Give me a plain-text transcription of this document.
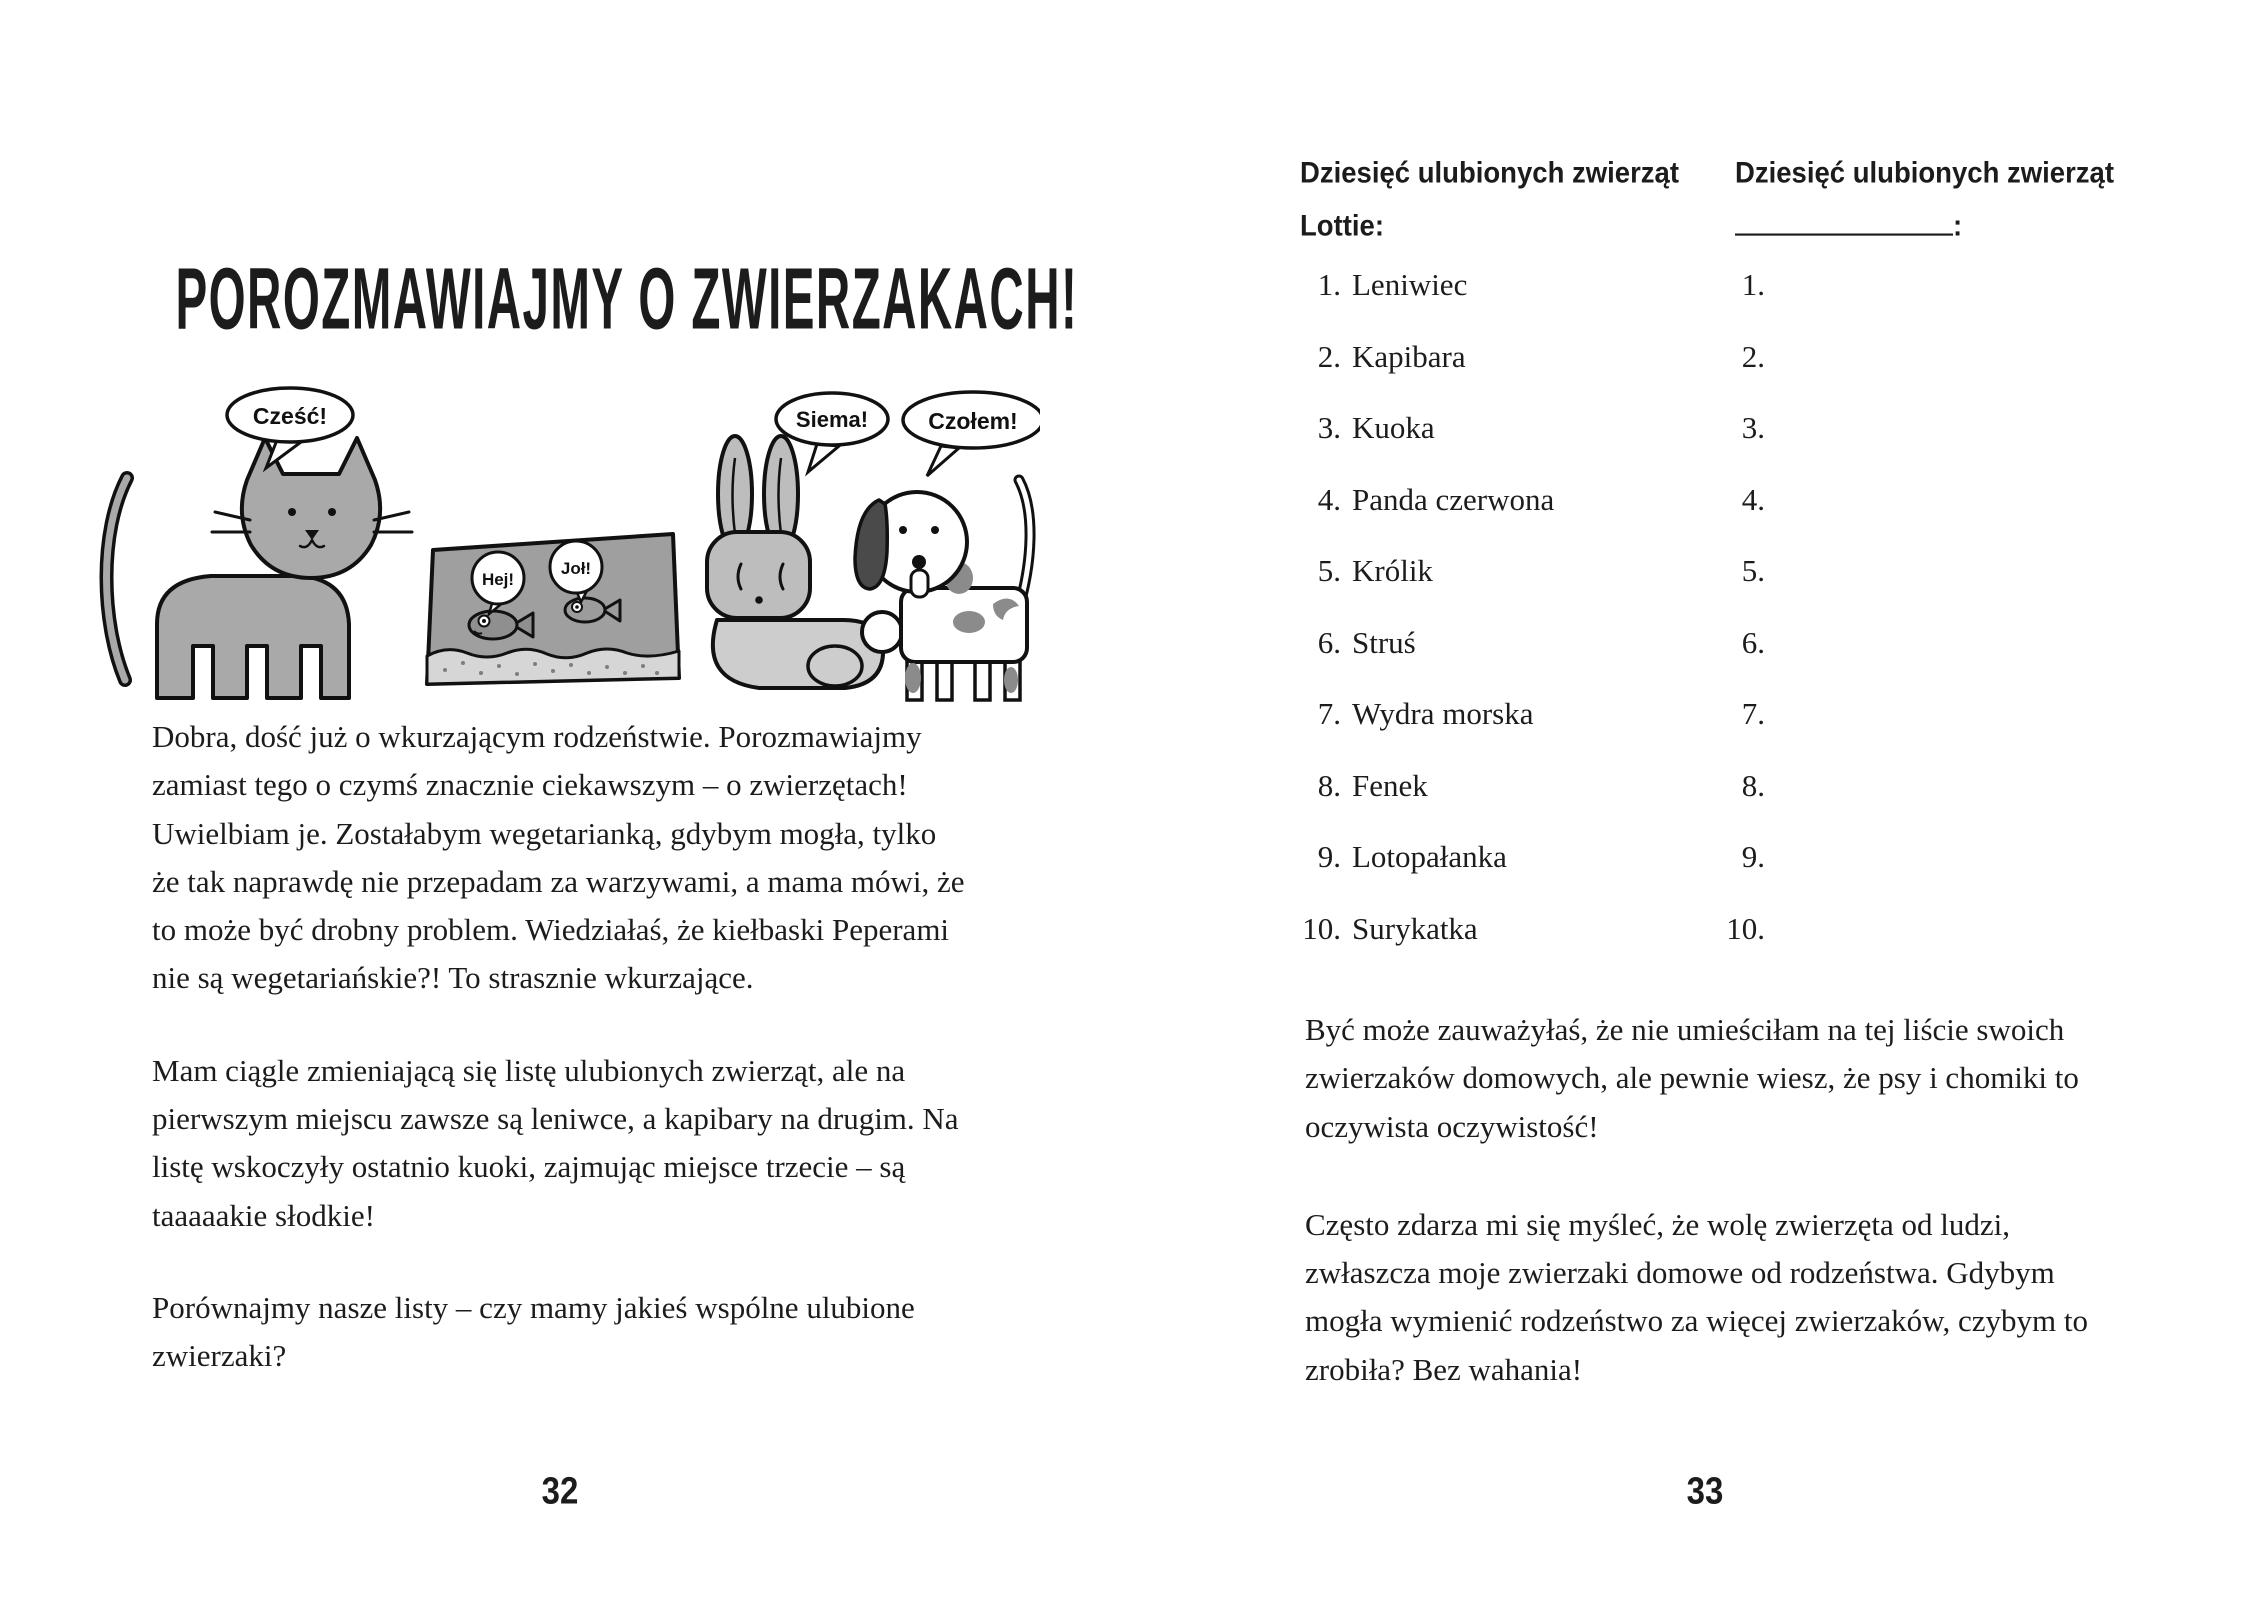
POROZMAWIAJMY O ZWIERZAKACH!
Cześć!
Hej!
Joł!
Siema!	Czołem!

Dobra, dość już o wkurzającym rodzeństwie. Porozmawiajmy zamiast tego o czymś znacznie ciekawszym – o zwierzętach! Uwielbiam je. Zostałabym wegetarianką, gdybym mogła, tylko że tak naprawdę nie przepadam za warzywami, a mama mówi, że to może być drobny problem. Wiedziałaś, że kiełbaski Peperami nie są wegetariańskie?! To strasznie wkurzające.

Mam ciągle zmieniającą się listę ulubionych zwierząt, ale na pierwszym miejscu zawsze są leniwce, a kapibary na drugim. Na listę wskoczyły ostatnio kuoki, zajmując miejsce trzecie – są taaaaakie słodkie!

Porównajmy nasze listy – czy mamy jakieś wspólne ulubione zwierzaki?

32
Dziesięć ulubionych zwierząt
Lottie:
Dziesięć ulubionych zwierząt
:
1. Leniwiec
2. Kapibara
3. Kuoka
4. Panda czerwona
5. Królik
6. Struś
7. Wydra morska
8. Fenek
9. Lotopałanka
10. Surykatka
1.
2.
3.
4.
5.
6.
7.
8.
9.
10.

Być może zauważyłaś, że nie umieściłam na tej liście swoich zwierzaków domowych, ale pewnie wiesz, że psy i chomiki to oczywista oczywistość!

Często zdarza mi się myśleć, że wolę zwierzęta od ludzi, zwłaszcza moje zwierzaki domowe od rodzeństwa. Gdybym mogła wymienić rodzeństwo za więcej zwierzaków, czybym to zrobiła? Bez wahania!

33
